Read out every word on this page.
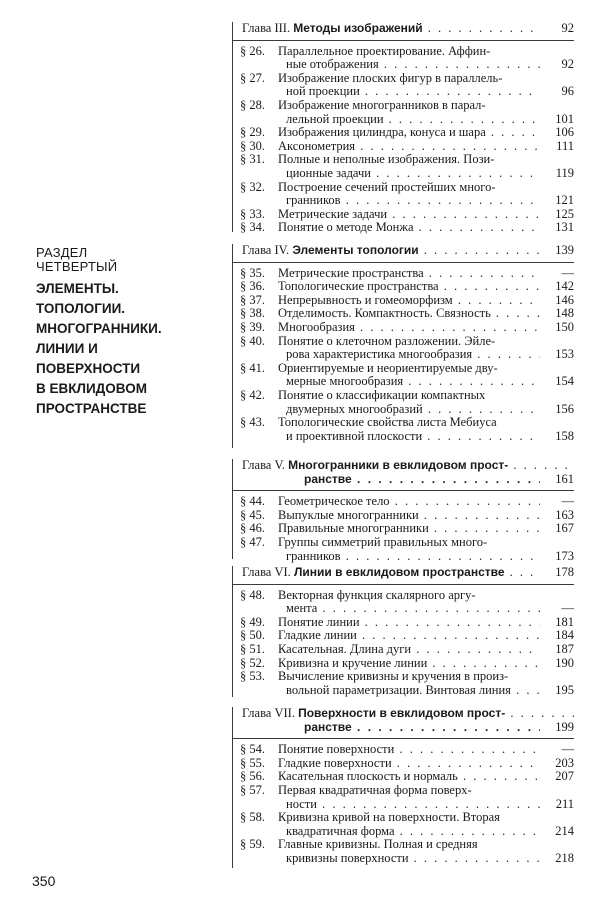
РАЗДЕЛ
ЧЕТВЕРТЫЙ
ЭЛЕМЕНТЫ.
ТОПОЛОГИИ.
МНОГОГРАННИКИ.
ЛИНИИ И
ПОВЕРХНОСТИ
В ЕВКЛИДОВОМ
ПРОСТРАНСТВЕ
Глава III. Методы изображений . . .	92
§ 26.	Параллельное проектирование. Аффин-
ные отображения . . .	92
§ 27.	Изображение плоских фигур в параллель-
ной проекции . . .	96
§ 28.	Изображение многогранников в парал-
лельной проекции . . .	101
§ 29.	Изображения цилиндра, конуса и шара . . .	106
§ 30.	Аксонометрия . . .	111
§ 31.	Полные и неполные изображения. Пози-
ционные задачи . . .	119
§ 32.	Построение сечений простейших много-
гранников . . .	121
§ 33.	Метрические задачи . . .	125
§ 34.	Понятие о методе Монжа . . .	131
Глава IV. Элементы топологии . . .	139
§ 35.	Метрические пространства . . .	—
§ 36.	Топологические пространства . . .	142
§ 37.	Непрерывность и гомеоморфизм . . .	146
§ 38.	Отделимость. Компактность. Связность . . .	148
§ 39.	Многообразия . . .	150
§ 40.	Понятие о клеточном разложении. Эйле-
рова характеристика многообразия . . .	153
§ 41.	Ориентируемые и неориентируемые дву-
мерные многообразия . . .	154
§ 42.	Понятие о классификации компактных
двумерных многообразий . . .	156
§ 43.	Топологические свойства листа Мебиуса
и проективной плоскости . . .	158
Глава V. Многогранники в евклидовом прост- . . .
ранстве . . .	161
§ 44.	Геометрическое тело . . .	—
§ 45.	Выпуклые многогранники . . .	163
§ 46.	Правильные многогранники . . .	167
§ 47.	Группы симметрий правильных много-
гранников . . .	173
Глава VI. Линии в евклидовом пространстве . . .	178
§ 48.	Векторная функция скалярного аргу-
мента . . .	—
§ 49.	Понятие линии . . .	181
§ 50.	Гладкие линии . . .	184
§ 51.	Касательная. Длина дуги . . .	187
§ 52.	Кривизна и кручение линии . . .	190
§ 53.	Вычисление кривизны и кручения в произ-
вольной параметризации. Винтовая линия . . .	195
Глава VII. Поверхности в евклидовом прост- . . .
ранстве . . .	199
§ 54.	Понятие поверхности . . .	—
§ 55.	Гладкие поверхности . . .	203
§ 56.	Касательная плоскость и нормаль . . .	207
§ 57.	Первая квадратичная форма поверх-
ности . . .	211
§ 58.	Кривизна кривой на поверхности. Вторая
квадратичная форма . . .	214
§ 59.	Главные кривизны. Полная и средняя
кривизны поверхности . . .	218
350
